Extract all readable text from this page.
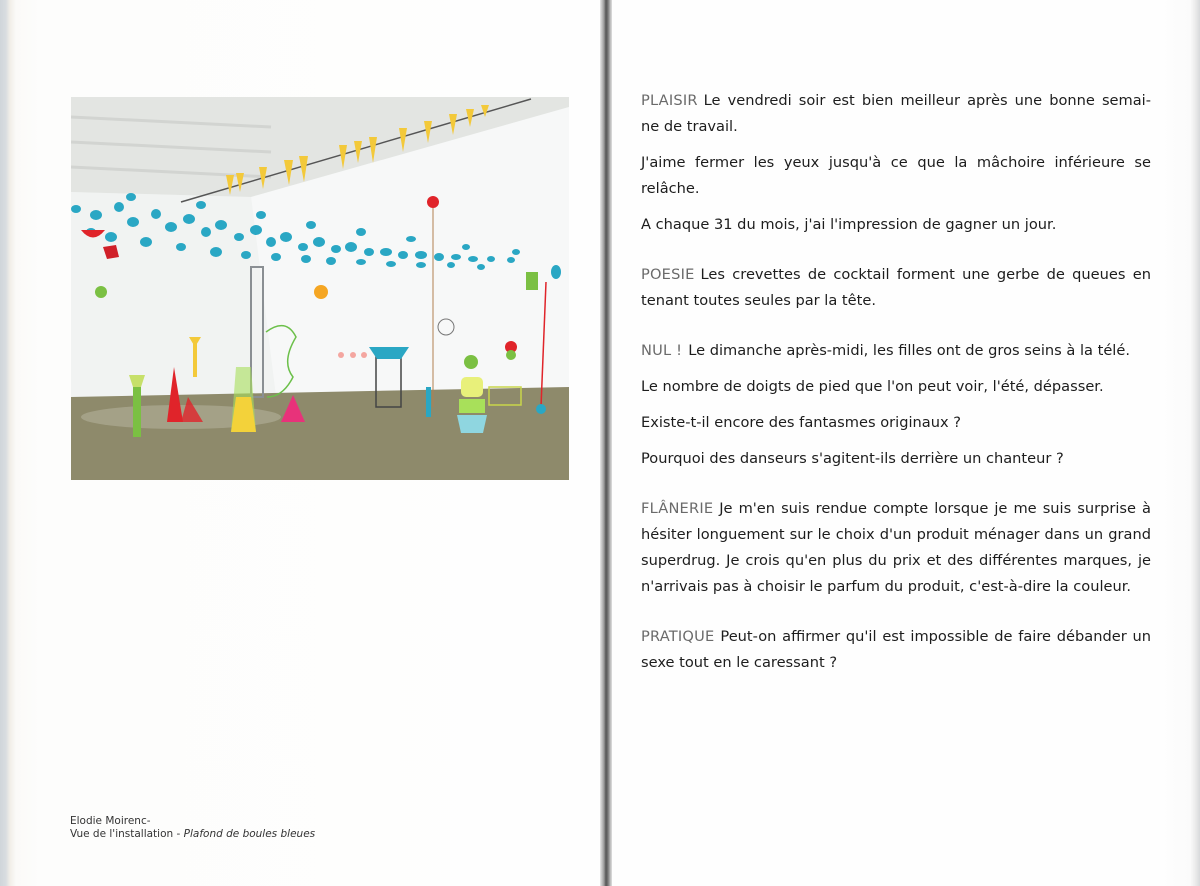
Elodie Moirenc-
Vue de l'installation - Plafond de boules bleues

PLAISIR Le vendredi soir est bien meilleur après une bonne semai- ne de travail.

J'aime fermer les yeux jusqu'à ce que la mâchoire inférieure se relâche.

A chaque 31 du mois, j'ai l'impression de gagner un jour.

POESIE Les crevettes de cocktail forment une gerbe de queues en tenant toutes seules par la tête.

NUL ! Le dimanche après-midi, les filles ont de gros seins à la télé.

Le nombre de doigts de pied que l'on peut voir, l'été, dépasser.

Existe-t-il encore des fantasmes originaux ?

Pourquoi des danseurs s'agitent-ils derrière un chanteur ?

FLÂNERIE Je m'en suis rendue compte lorsque je me suis surprise à hésiter longuement sur le choix d'un produit ménager dans un grand superdrug. Je crois qu'en plus du prix et des différentes marques, je n'arrivais pas à choisir le parfum du produit, c'est-à-dire la couleur.

PRATIQUE Peut-on affirmer qu'il est impossible de faire débander un sexe tout en le caressant ?
